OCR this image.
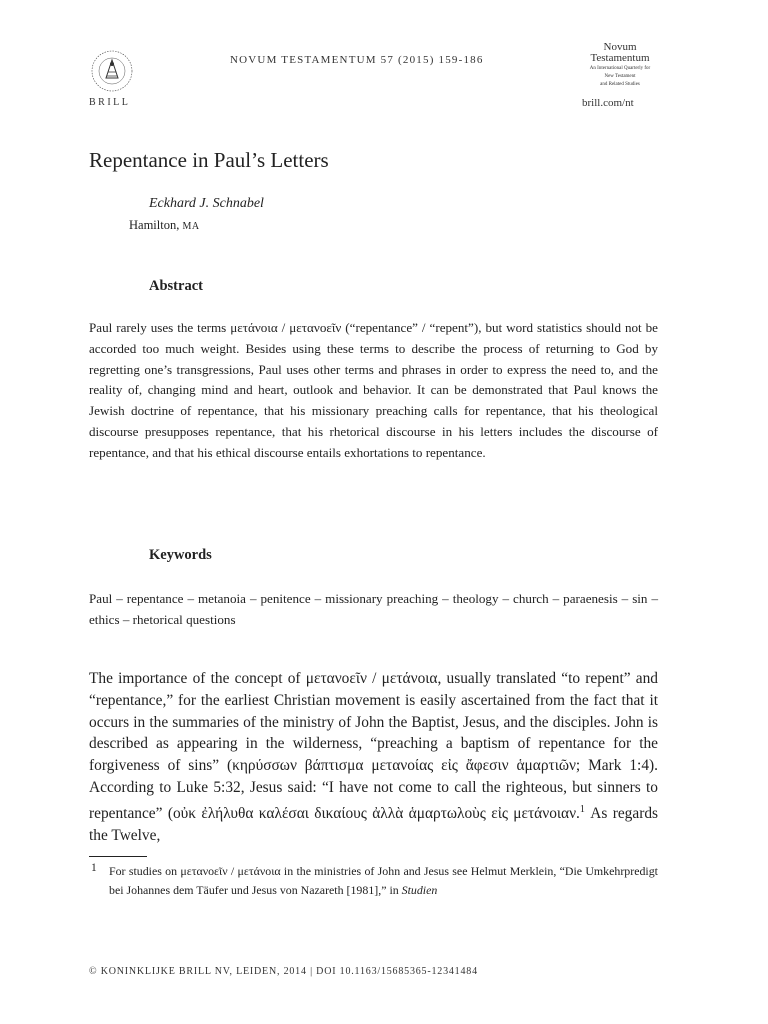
BRILL
NOVUM TESTAMENTUM 57 (2015) 159-186
Novum
Testamentum
An International Quarterly for
New Testament
and Related Studies
brill.com/nt
Repentance in Paul’s Letters
Eckhard J. Schnabel
Hamilton, MA
Abstract
Paul rarely uses the terms μετάνοια / μετανοεῖν (“repentance” / “repent”), but word statistics should not be accorded too much weight. Besides using these terms to describe the process of returning to God by regretting one’s transgressions, Paul uses other terms and phrases in order to express the need to, and the reality of, changing mind and heart, outlook and behavior. It can be demonstrated that Paul knows the Jewish doctrine of repentance, that his missionary preaching calls for repentance, that his theological discourse presupposes repentance, that his rhetorical discourse in his letters includes the discourse of repentance, and that his ethical discourse entails exhortations to repentance.
Keywords
Paul – repentance – metanoia – penitence – missionary preaching – theology – church – paraenesis – sin – ethics – rhetorical questions
The importance of the concept of μετανοεῖν / μετάνοια, usually translated “to repent” and “repentance,” for the earliest Christian movement is easily ascertained from the fact that it occurs in the summaries of the ministry of John the Baptist, Jesus, and the disciples. John is described as appearing in the wilderness, “preaching a baptism of repentance for the forgiveness of sins” (κηρύσσων βάπτισμα μετανοίας εἰς ἄφεσιν ἁμαρτιῶν; Mark 1:4). According to Luke 5:32, Jesus said: “I have not come to call the righteous, but sinners to repentance” (οὐκ ἐλήλυθα καλέσαι δικαίους ἀλλὰ ἁμαρτωλοὺς εἰς μετάνοιαν.$^1$ As regards the Twelve,
1 For studies on μετανοεῖν / μετάνοια in the ministries of John and Jesus see Helmut Merklein, “Die Umkehrpredigt bei Johannes dem Täufer und Jesus von Nazareth [1981],” in Studien
© KONINKLIJKE BRILL NV, LEIDEN, 2014 | DOI 10.1163/15685365-12341484
